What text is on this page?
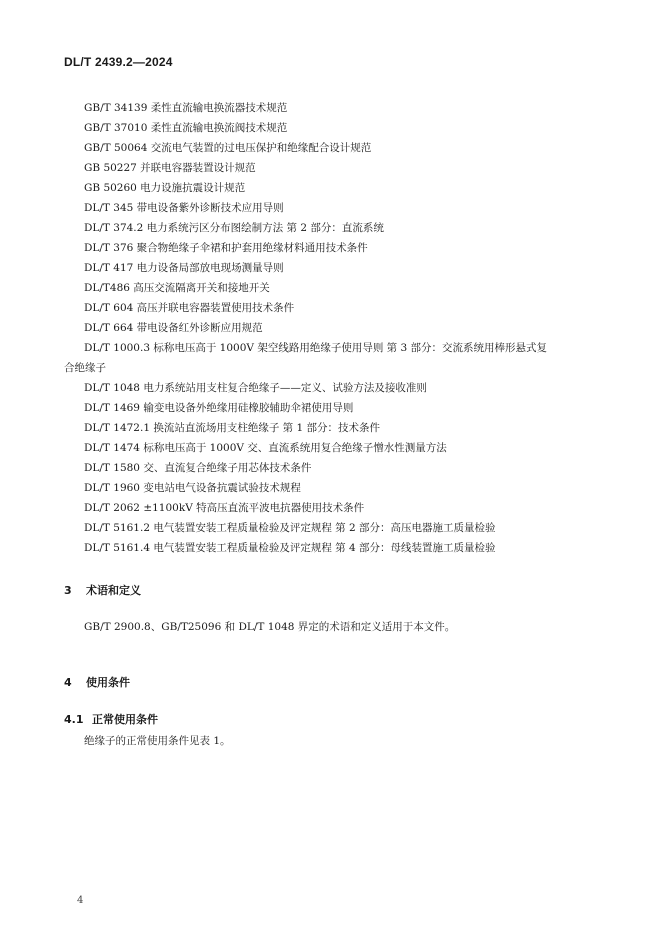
DL/T 2439.2—2024
GB/T 34139 柔性直流输电换流器技术规范
GB/T 37010 柔性直流输电换流阀技术规范
GB/T 50064 交流电气装置的过电压保护和绝缘配合设计规范
GB 50227 并联电容器装置设计规范
GB 50260 电力设施抗震设计规范
DL/T 345 带电设备紫外诊断技术应用导则
DL/T 374.2 电力系统污区分布图绘制方法 第 2 部分：直流系统
DL/T 376 聚合物绝缘子伞裙和护套用绝缘材料通用技术条件
DL/T 417 电力设备局部放电现场测量导则
DL/T486 高压交流隔离开关和接地开关
DL/T 604 高压并联电容器装置使用技术条件
DL/T 664 带电设备红外诊断应用规范
DL/T 1000.3 标称电压高于 1000V 架空线路用绝缘子使用导则 第 3 部分：交流系统用棒形悬式复
合绝缘子
DL/T 1048 电力系统站用支柱复合绝缘子——定义、试验方法及接收准则
DL/T 1469 输变电设备外绝缘用硅橡胶辅助伞裙使用导则
DL/T 1472.1 换流站直流场用支柱绝缘子 第 1 部分：技术条件
DL/T 1474 标称电压高于 1000V 交、直流系统用复合绝缘子憎水性测量方法
DL/T 1580 交、直流复合绝缘子用芯体技术条件
DL/T 1960 变电站电气设备抗震试验技术规程
DL/T 2062 ±1100kV 特高压直流平波电抗器使用技术条件
DL/T 5161.2 电气装置安装工程质量检验及评定规程 第 2 部分：高压电器施工质量检验
DL/T 5161.4 电气装置安装工程质量检验及评定规程 第 4 部分：母线装置施工质量检验
3 术语和定义
GB/T 2900.8、GB/T25096 和 DL/T 1048 界定的术语和定义适用于本文件。
4 使用条件
4.1 正常使用条件
绝缘子的正常使用条件见表 1。
4
